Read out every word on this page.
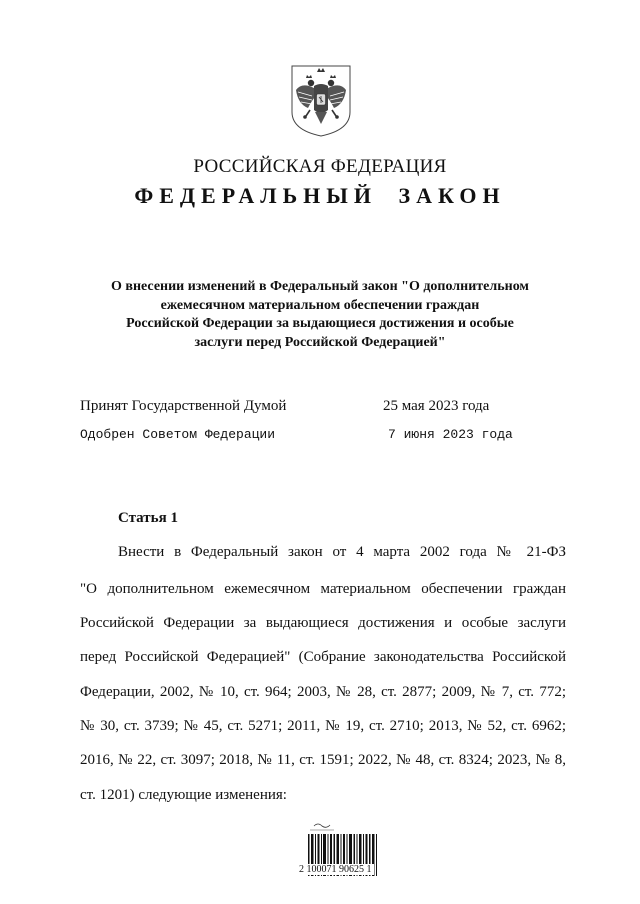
РОССИЙСКАЯ ФЕДЕРАЦИЯ
ФЕДЕРАЛЬНЫЙ ЗАКОН
О внесении изменений в Федеральный закон "О дополнительном
ежемесячном материальном обеспечении граждан
Российской Федерации за выдающиеся достижения и особые
заслуги перед Российской Федерацией"
Принят Государственной Думой	25 мая 2023 года
Одобрен Советом Федерации	7 июня 2023 года
Статья 1
Внести в Федеральный закон от 4 марта 2002 года № 21-ФЗ
"О дополнительном ежемесячном материальном обеспечении граждан
Российской Федерации за выдающиеся достижения и особые заслуги
перед Российской Федерацией" (Собрание законодательства Российской
Федерации, 2002, № 10, ст. 964; 2003, № 28, ст. 2877; 2009, № 7, ст. 772;
№ 30, ст. 3739; № 45, ст. 5271; 2011, № 19, ст. 2710; 2013, № 52, ст. 6962;
2016, № 22, ст. 3097; 2018, № 11, ст. 1591; 2022, № 48, ст. 8324; 2023, № 8,
ст. 1201) следующие изменения:
2 100071 90625 1
